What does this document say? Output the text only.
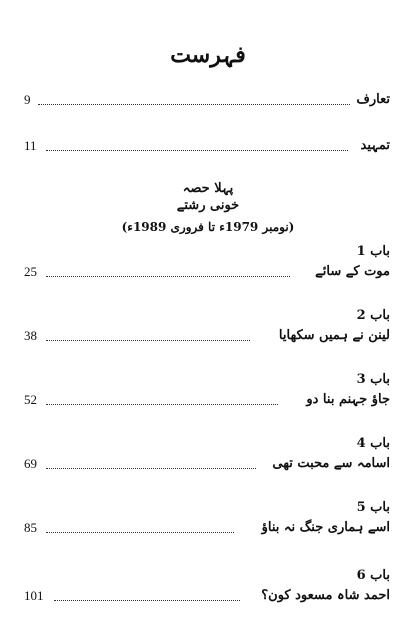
فہرست
تعارف
9
تمہید
11
پہلا حصہ
خونی رشتے
(نومبر 1979ء تا فروری 1989ء)
باب 1
موت کے سائے
25
باب 2
لینن نے ہمیں سکھایا
38
باب 3
جاؤ جہنم بنا دو
52
باب 4
اسامہ سے محبت تھی
69
باب 5
اسے ہماری جنگ نہ بناؤ
85
باب 6
احمد شاہ مسعود کون؟
101
